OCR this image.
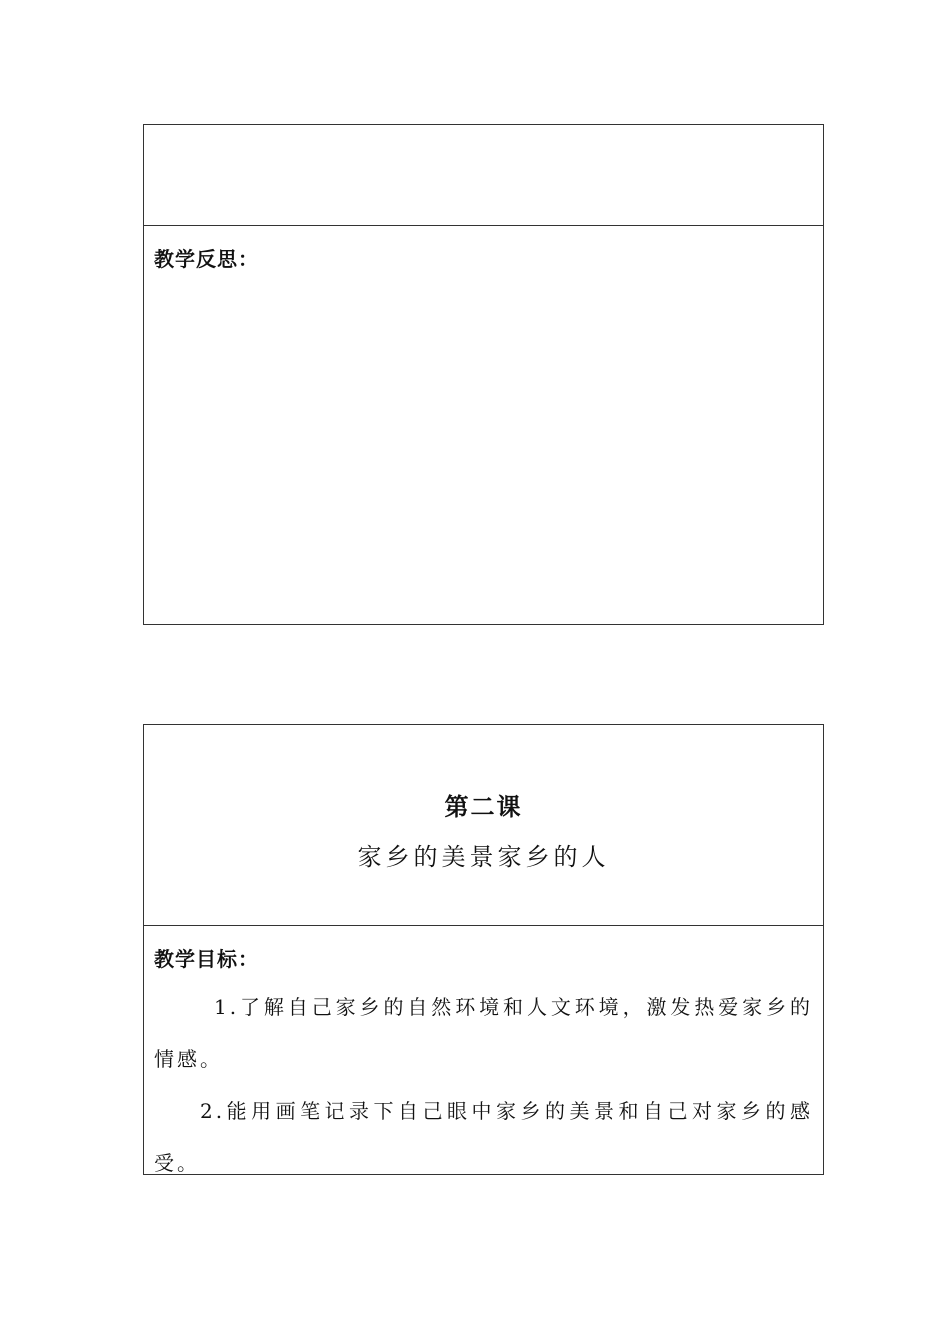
教学反思：
第二课
家乡的美景家乡的人
教学目标：
1.了解自己家乡的自然环境和人文环境，激发热爱家乡的情感。
2.能用画笔记录下自己眼中家乡的美景和自己对家乡的感受。
